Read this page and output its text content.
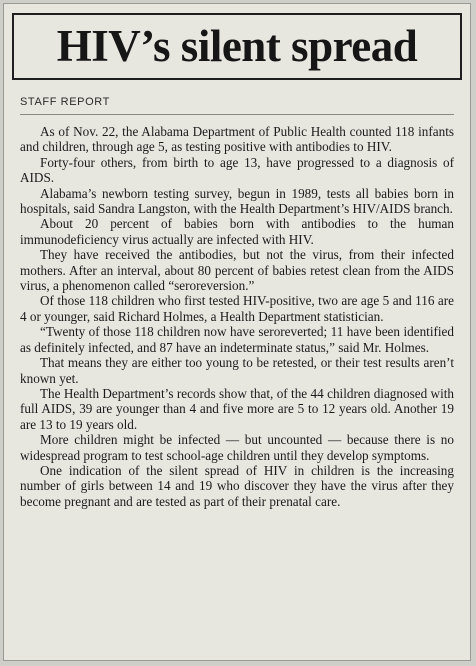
HIV’s silent spread
STAFF REPORT

As of Nov. 22, the Alabama Department of Public Health counted 118 infants and children, through age 5, as testing positive with antibodies to HIV.

Forty-four others, from birth to age 13, have progressed to a diagnosis of AIDS.

Alabama’s newborn testing survey, begun in 1989, tests all babies born in hospitals, said Sandra Langston, with the Health Department’s HIV/AIDS branch.

About 20 percent of babies born with antibodies to the human immunodeficiency virus actually are infected with HIV.

They have received the antibodies, but not the virus, from their infected mothers. After an interval, about 80 percent of babies retest clean from the AIDS virus, a phenomenon called “seroreversion.”

Of those 118 children who first tested HIV-positive, two are age 5 and 116 are 4 or younger, said Richard Holmes, a Health Department statistician.

“Twenty of those 118 children now have seroreverted; 11 have been identified as definitely infected, and 87 have an indeterminate status,” said Mr. Holmes.

That means they are either too young to be retested, or their test results aren’t known yet.

The Health Department’s records show that, of the 44 children diagnosed with full AIDS, 39 are younger than 4 and five more are 5 to 12 years old. Another 19 are 13 to 19 years old.

More children might be infected — but uncounted — because there is no widespread program to test school-age children until they develop symptoms.

One indication of the silent spread of HIV in children is the increasing number of girls between 14 and 19 who discover they have the virus after they become pregnant and are tested as part of their prenatal care.
